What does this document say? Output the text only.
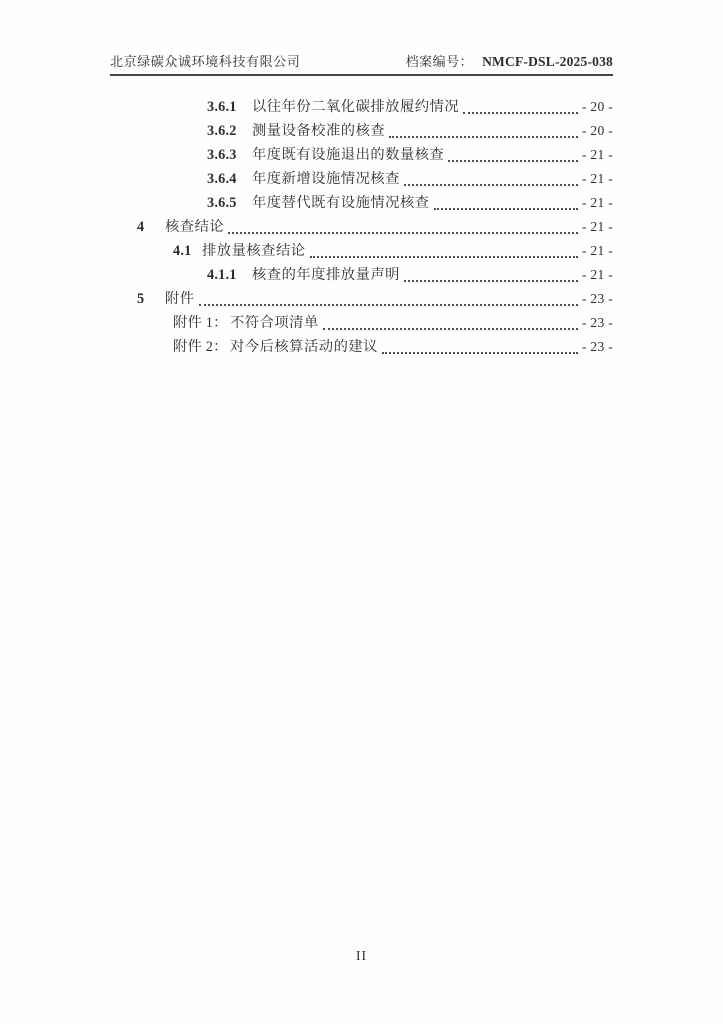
北京绿碳众诚环境科技有限公司	档案编号： NMCF-DSL-2025-038
3.6.1	以往年份二氧化碳排放履约情况	- 20 -
3.6.2	测量设备校准的核查	- 20 -
3.6.3	年度既有设施退出的数量核查	- 21 -
3.6.4	年度新增设施情况核查	- 21 -
3.6.5	年度替代既有设施情况核查	- 21 -
4	核查结论	- 21 -
4.1 排放量核查结论	- 21 -
4.1.1	核查的年度排放量声明	- 21 -
5	附件	- 23 -
附件 1： 不符合项清单	- 23 -
附件 2： 对今后核算活动的建议	- 23 -
II
